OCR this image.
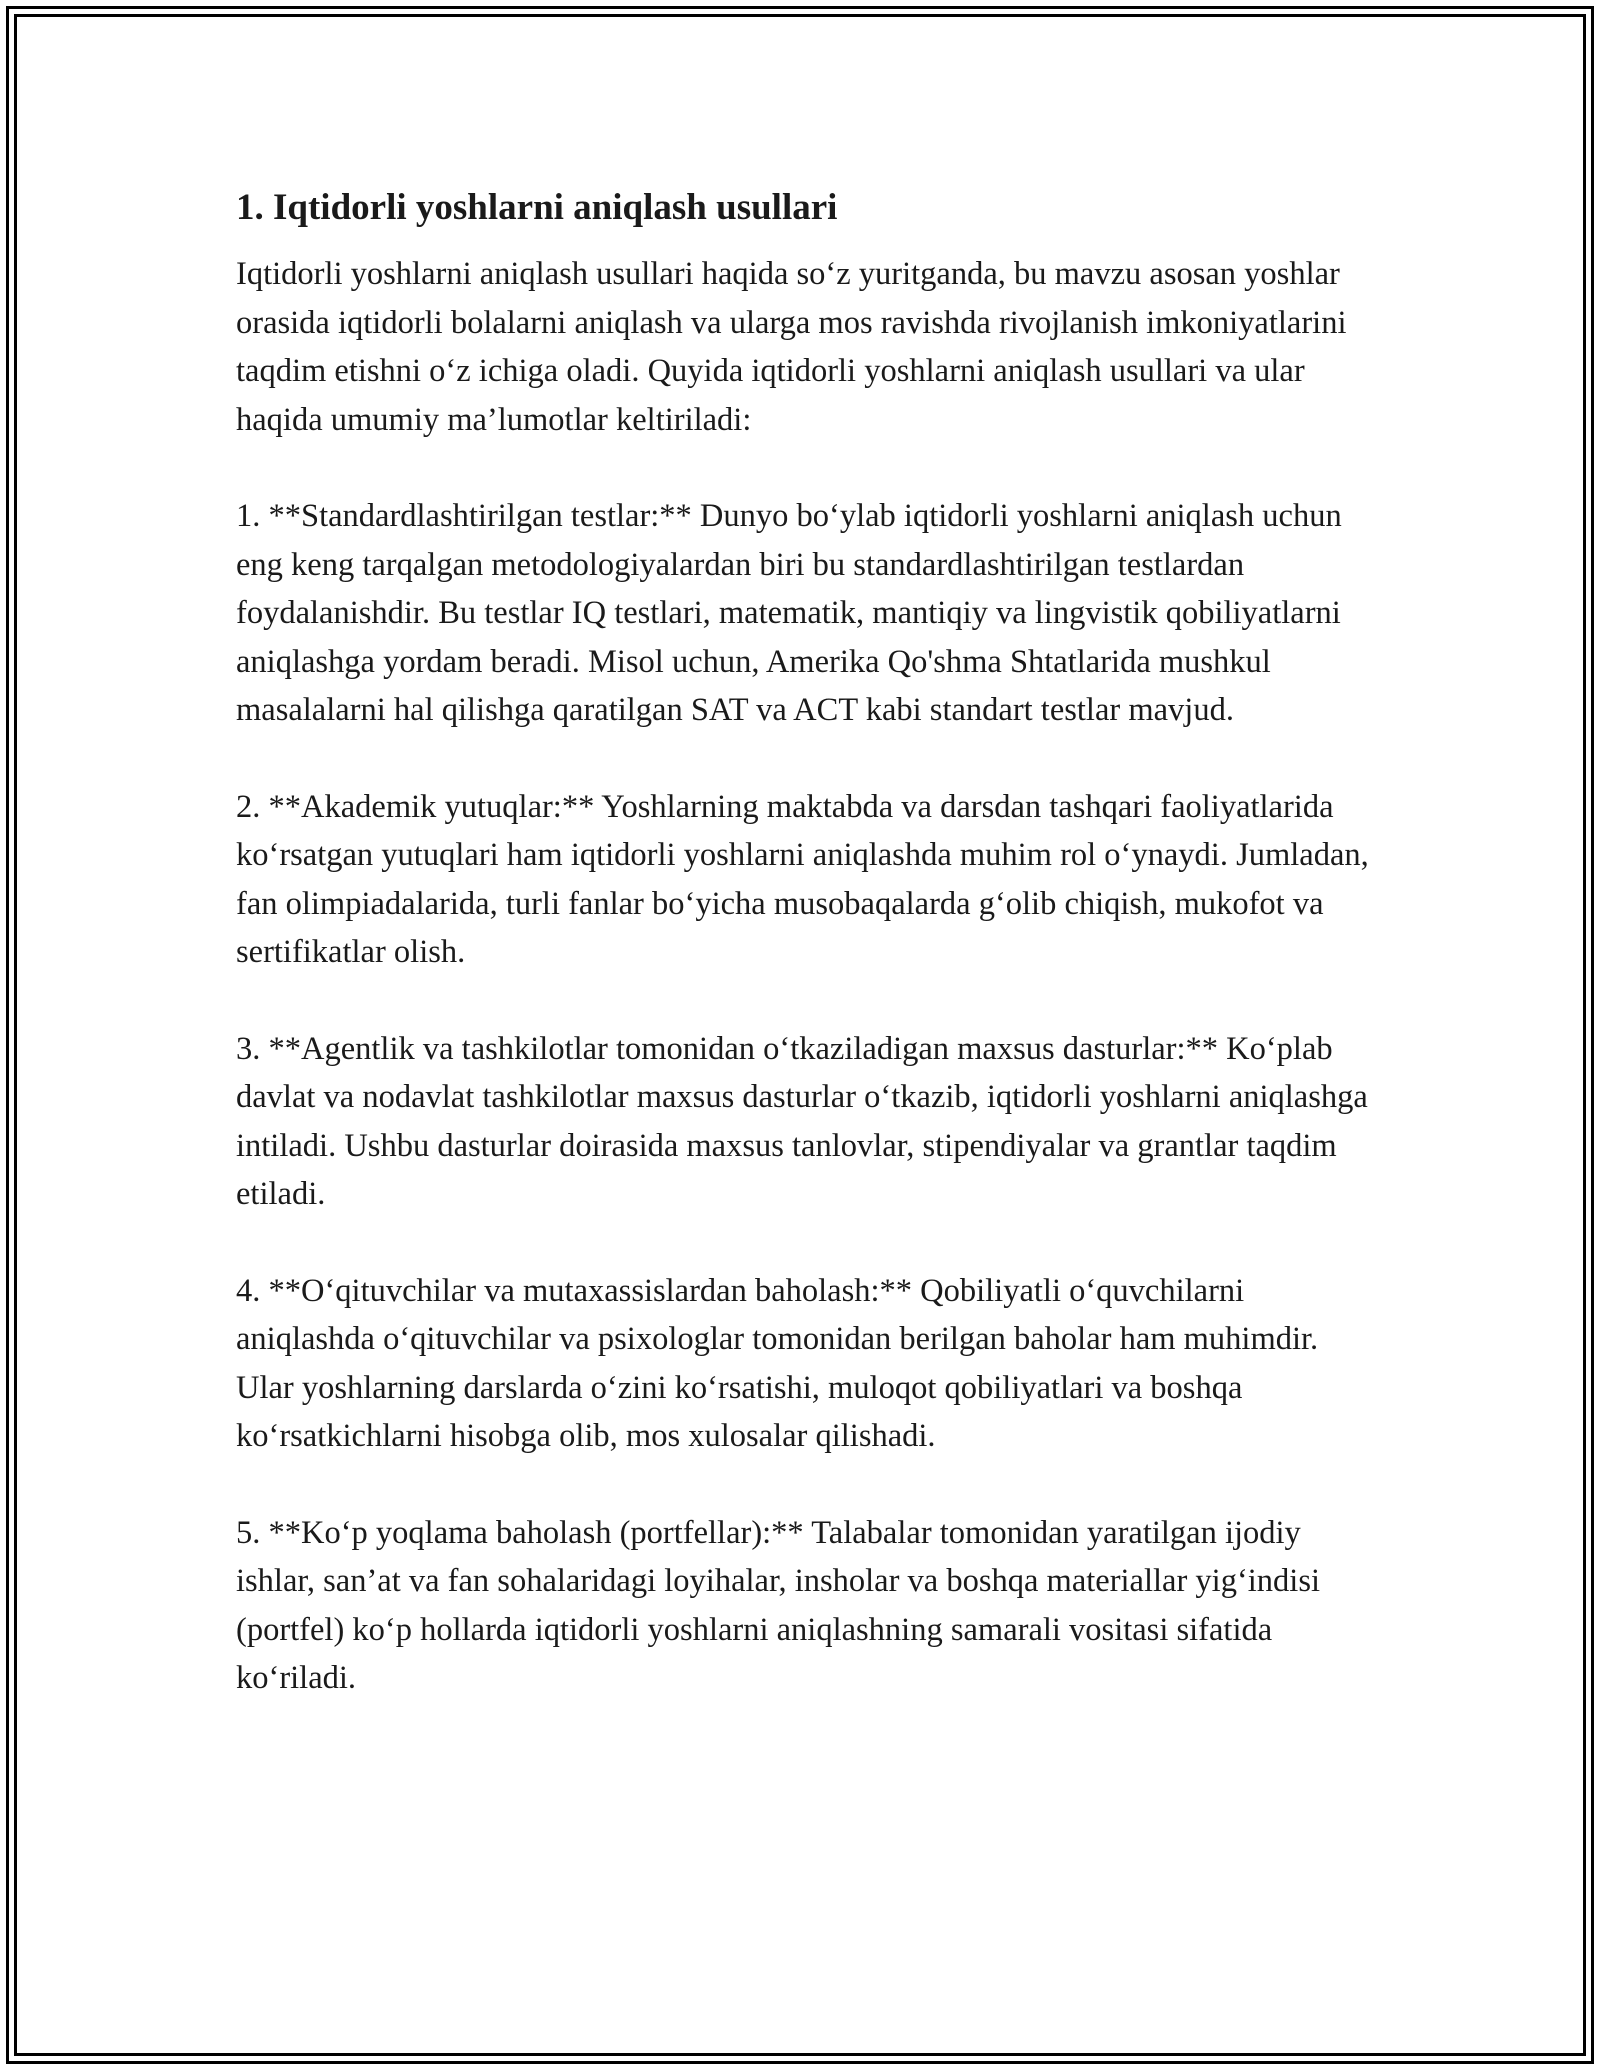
1. Iqtidorli yoshlarni aniqlash usullari

Iqtidorli yoshlarni aniqlash usullari haqida so‘z yuritganda, bu mavzu asosan yoshlar orasida iqtidorli bolalarni aniqlash va ularga mos ravishda rivojlanish imkoniyatlarini taqdim etishni o‘z ichiga oladi. Quyida iqtidorli yoshlarni aniqlash usullari va ular haqida umumiy ma’lumotlar keltiriladi:

1. **Standardlashtirilgan testlar:** Dunyo bo‘ylab iqtidorli yoshlarni aniqlash uchun eng keng tarqalgan metodologiyalardan biri bu standardlashtirilgan testlardan foydalanishdir. Bu testlar IQ testlari, matematik, mantiqiy va lingvistik qobiliyatlarni aniqlashga yordam beradi. Misol uchun, Amerika Qo'shma Shtatlarida mushkul masalalarni hal qilishga qaratilgan SAT va ACT kabi standart testlar mavjud.

2. **Akademik yutuqlar:** Yoshlarning maktabda va darsdan tashqari faoliyatlarida ko‘rsatgan yutuqlari ham iqtidorli yoshlarni aniqlashda muhim rol o‘ynaydi. Jumladan, fan olimpiadalarida, turli fanlar bo‘yicha musobaqalarda g‘olib chiqish, mukofot va sertifikatlar olish.

3. **Agentlik va tashkilotlar tomonidan o‘tkaziladigan maxsus dasturlar:** Ko‘plab davlat va nodavlat tashkilotlar maxsus dasturlar o‘tkazib, iqtidorli yoshlarni aniqlashga intiladi. Ushbu dasturlar doirasida maxsus tanlovlar, stipendiyalar va grantlar taqdim etiladi.

4. **O‘qituvchilar va mutaxassislardan baholash:** Qobiliyatli o‘quvchilarni aniqlashda o‘qituvchilar va psixologlar tomonidan berilgan baholar ham muhimdir. Ular yoshlarning darslarda o‘zini ko‘rsatishi, muloqot qobiliyatlari va boshqa ko‘rsatkichlarni hisobga olib, mos xulosalar qilishadi.

5. **Ko‘p yoqlama baholash (portfellar):** Talabalar tomonidan yaratilgan ijodiy ishlar, san’at va fan sohalaridagi loyihalar, insholar va boshqa materiallar yig‘indisi (portfel) ko‘p hollarda iqtidorli yoshlarni aniqlashning samarali vositasi sifatida ko‘riladi.
